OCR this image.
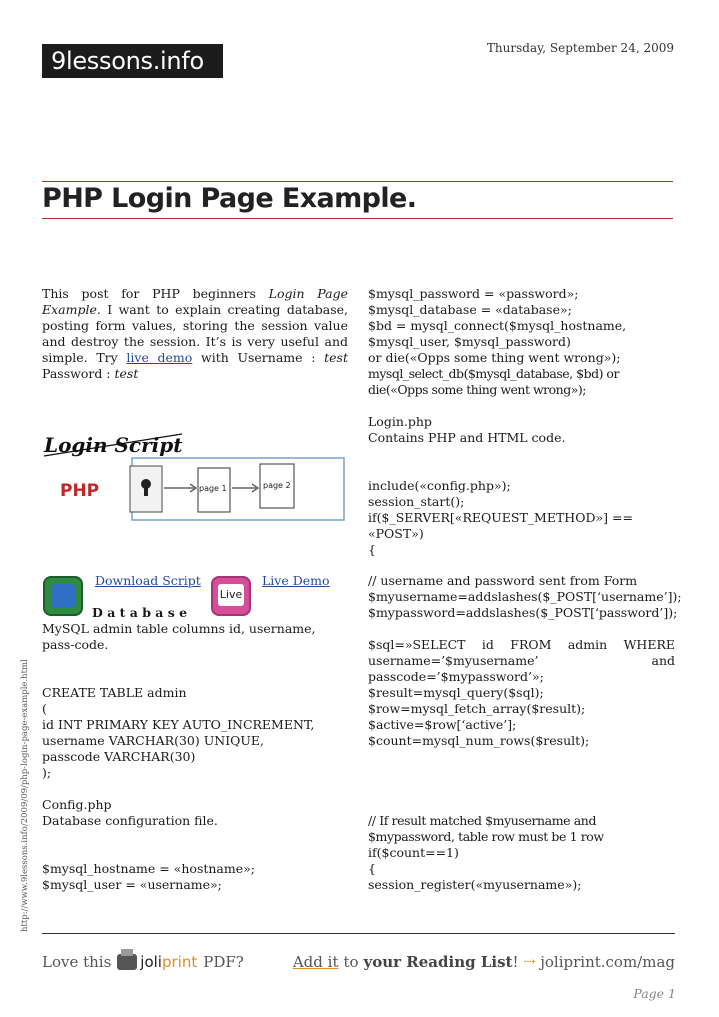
9lessons.info	Thursday, September 24, 2009
PHP Login Page Example.
This post for PHP beginners Login Page Example. I want to explain creating database, posting form values, storing the session value and destroy the session. It’s is very useful and simple. Try live demo with Username : test Password : test
Login Script
PHP	page 1	page 2
Download Script	Live Demo
Live
D a t a b a s e
MySQL admin table columns id, username, pass-code.

CREATE TABLE admin

(

id INT PRIMARY KEY AUTO_INCREMENT,

username VARCHAR(30) UNIQUE,

passcode VARCHAR(30)

);

Config.php
Database configuration file.

$mysql_hostname = «hostname»;

$mysql_user = «username»;

$mysql_password = «password»;

$mysql_database = «database»;

$bd = mysql_connect($mysql_hostname, $mysql_user, $mysql_password)

or die(«Opps some thing went wrong»);

mysql_select_db($mysql_database, $bd) or die(«Opps some thing went wrong»);

Login.php
Contains PHP and HTML code.

include(«config.php»);

session_start();

if($_SERVER[«REQUEST_METHOD»] == «POST»)

{

// username and password sent from Form

$myusername=addslashes($_POST[‘username’]);

$mypassword=addslashes($_POST[‘password’]);

$sql=»SELECT id FROM admin WHERE username=’$myusername’ and passcode=’$mypassword’»;

$result=mysql_query($sql);

$row=mysql_fetch_array($result);

$active=$row[‘active’];

$count=mysql_num_rows($result);

// If result matched $myusername and $mypassword, table row must be 1 row

if($count==1)

{

session_register(«myusername»);

http://www.9lessons.info/2009/09/php-login-page-example.html
Love this joliprint PDF?	Add it to your Reading List! ⇢ joliprint.com/mag
Page 1
